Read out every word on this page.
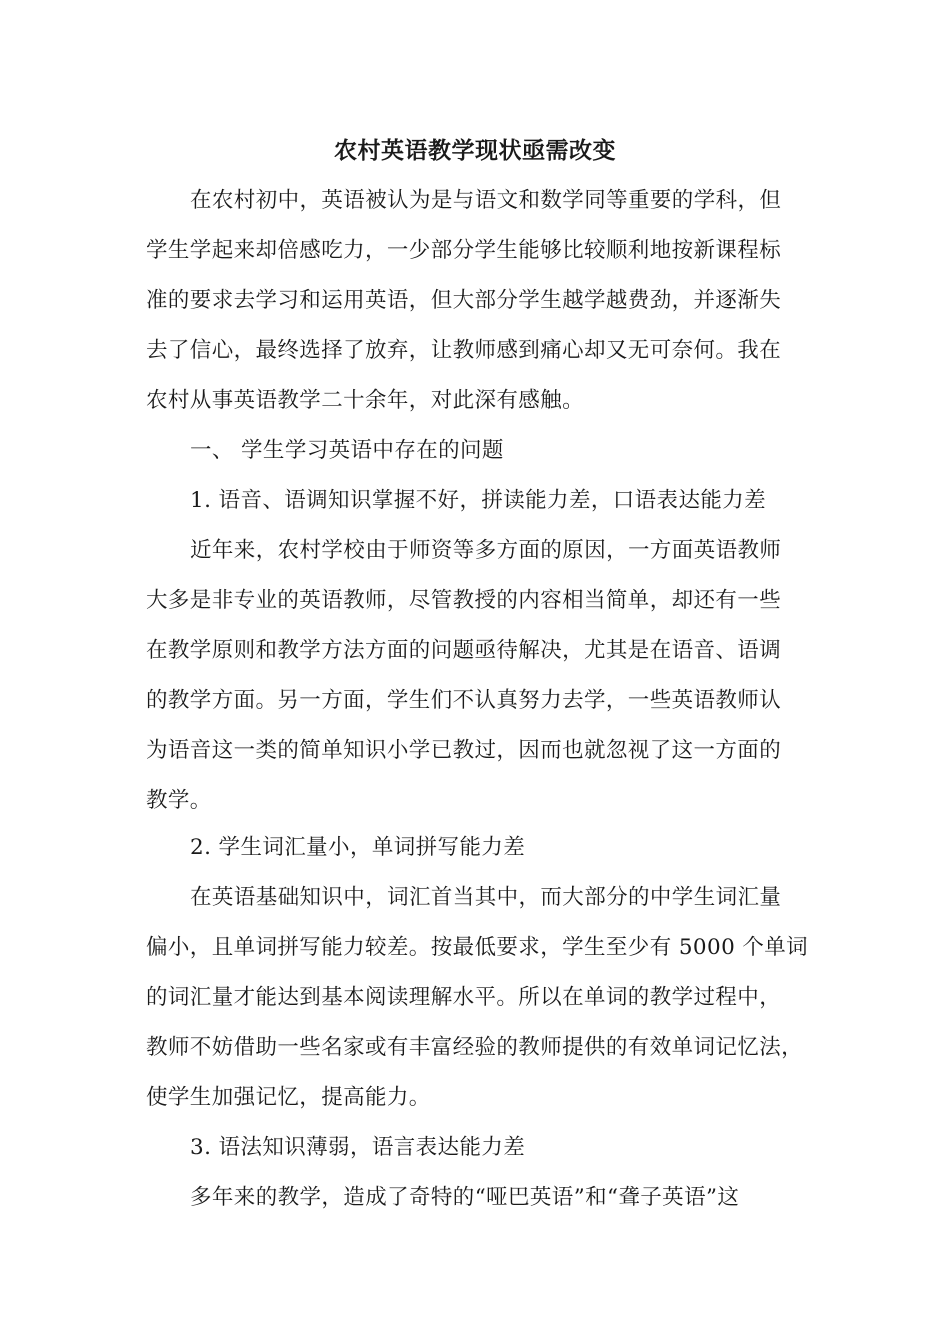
农村英语教学现状亟需改变
在农村初中，英语被认为是与语文和数学同等重要的学科，但
学生学起来却倍感吃力，一少部分学生能够比较顺利地按新课程标
准的要求去学习和运用英语，但大部分学生越学越费劲，并逐渐失
去了信心，最终选择了放弃，让教师感到痛心却又无可奈何。我在
农村从事英语教学二十余年，对此深有感触。
一、 学生学习英语中存在的问题
1. 语音、语调知识掌握不好，拼读能力差，口语表达能力差
近年来，农村学校由于师资等多方面的原因，一方面英语教师
大多是非专业的英语教师，尽管教授的内容相当简单，却还有一些
在教学原则和教学方法方面的问题亟待解决，尤其是在语音、语调
的教学方面。另一方面，学生们不认真努力去学，一些英语教师认
为语音这一类的简单知识小学已教过，因而也就忽视了这一方面的
教学。
2. 学生词汇量小，单词拼写能力差
在英语基础知识中，词汇首当其中，而大部分的中学生词汇量
偏小，且单词拼写能力较差。按最低要求，学生至少有 5000 个单词
的词汇量才能达到基本阅读理解水平。所以在单词的教学过程中，
教师不妨借助一些名家或有丰富经验的教师提供的有效单词记忆法，
使学生加强记忆，提高能力。
3. 语法知识薄弱，语言表达能力差
多年来的教学，造成了奇特的“哑巴英语”和“聋子英语”这
